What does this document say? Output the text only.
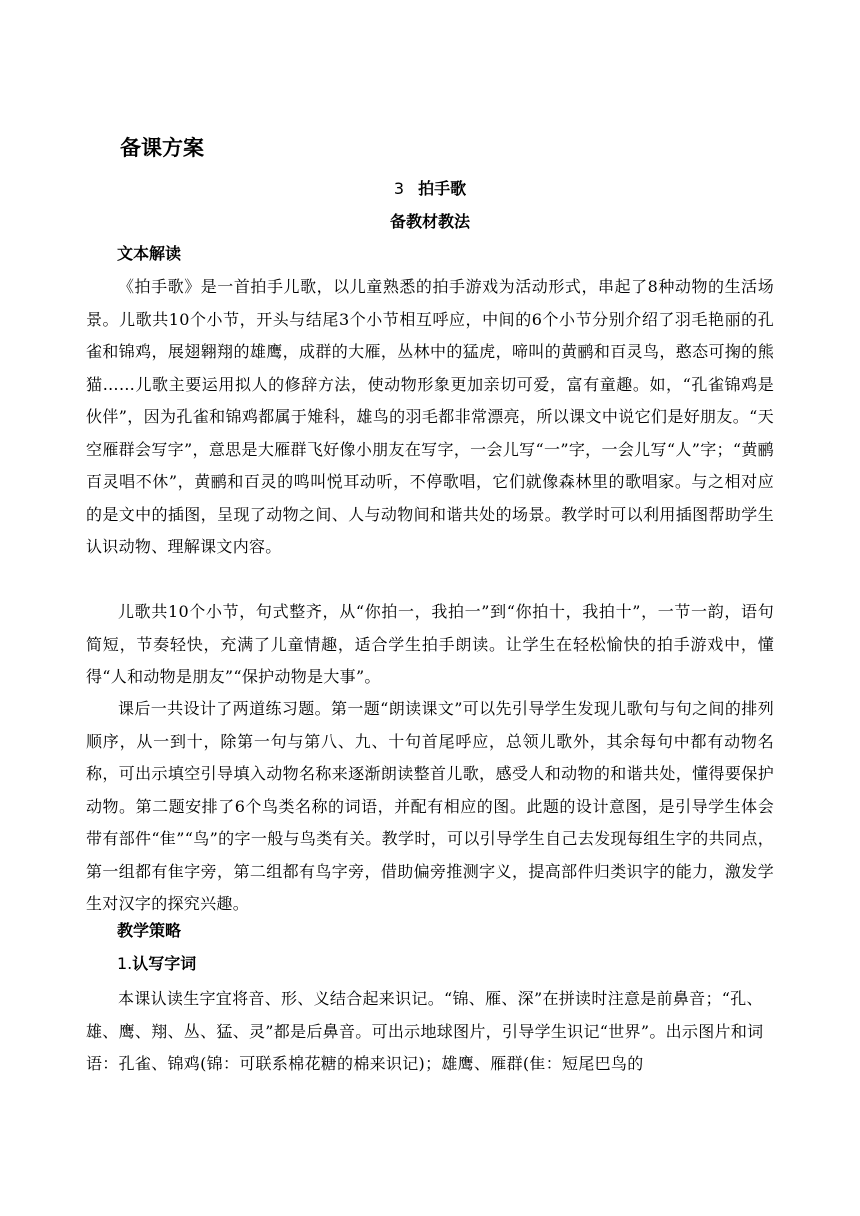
备课方案
3 拍手歌
备教材教法
文本解读

《拍手歌》是一首拍手儿歌，以儿童熟悉的拍手游戏为活动形式，串起了8种动物的生活场景。儿歌共10个小节，开头与结尾3个小节相互呼应，中间的6个小节分别介绍了羽毛艳丽的孔雀和锦鸡，展翅翱翔的雄鹰，成群的大雁，丛林中的猛虎，啼叫的黄鹂和百灵鸟，憨态可掬的熊猫……儿歌主要运用拟人的修辞方法，使动物形象更加亲切可爱，富有童趣。如，“孔雀锦鸡是伙伴”，因为孔雀和锦鸡都属于雉科，雄鸟的羽毛都非常漂亮，所以课文中说它们是好朋友。“天空雁群会写字”，意思是大雁群飞好像小朋友在写字，一会儿写“一”字，一会儿写“人”字；“黄鹂百灵唱不休”，黄鹂和百灵的鸣叫悦耳动听，不停歌唱，它们就像森林里的歌唱家。与之相对应的是文中的插图，呈现了动物之间、人与动物间和谐共处的场景。教学时可以利用插图帮助学生认识动物、理解课文内容。

儿歌共10个小节，句式整齐，从“你拍一，我拍一”到“你拍十，我拍十”，一节一韵，语句简短，节奏轻快，充满了儿童情趣，适合学生拍手朗读。让学生在轻松愉快的拍手游戏中，懂得“人和动物是朋友”“保护动物是大事”。

课后一共设计了两道练习题。第一题“朗读课文”可以先引导学生发现儿歌句与句之间的排列顺序，从一到十，除第一句与第八、九、十句首尾呼应，总领儿歌外，其余每句中都有动物名称，可出示填空引导填入动物名称来逐渐朗读整首儿歌，感受人和动物的和谐共处，懂得要保护动物。第二题安排了6个鸟类名称的词语，并配有相应的图。此题的设计意图，是引导学生体会带有部件“隹”“鸟”的字一般与鸟类有关。教学时，可以引导学生自己去发现每组生字的共同点，第一组都有隹字旁，第二组都有鸟字旁，借助偏旁推测字义，提高部件归类识字的能力，激发学生对汉字的探究兴趣。

教学策略
1.认写字词

本课认读生字宜将音、形、义结合起来识记。“锦、雁、深”在拼读时注意是前鼻音；“孔、雄、鹰、翔、丛、猛、灵”都是后鼻音。可出示地球图片，引导学生识记“世界”。出示图片和词语：孔雀、锦鸡(锦：可联系棉花糖的棉来识记)；雄鹰、雁群(隹：短尾巴鸟的
